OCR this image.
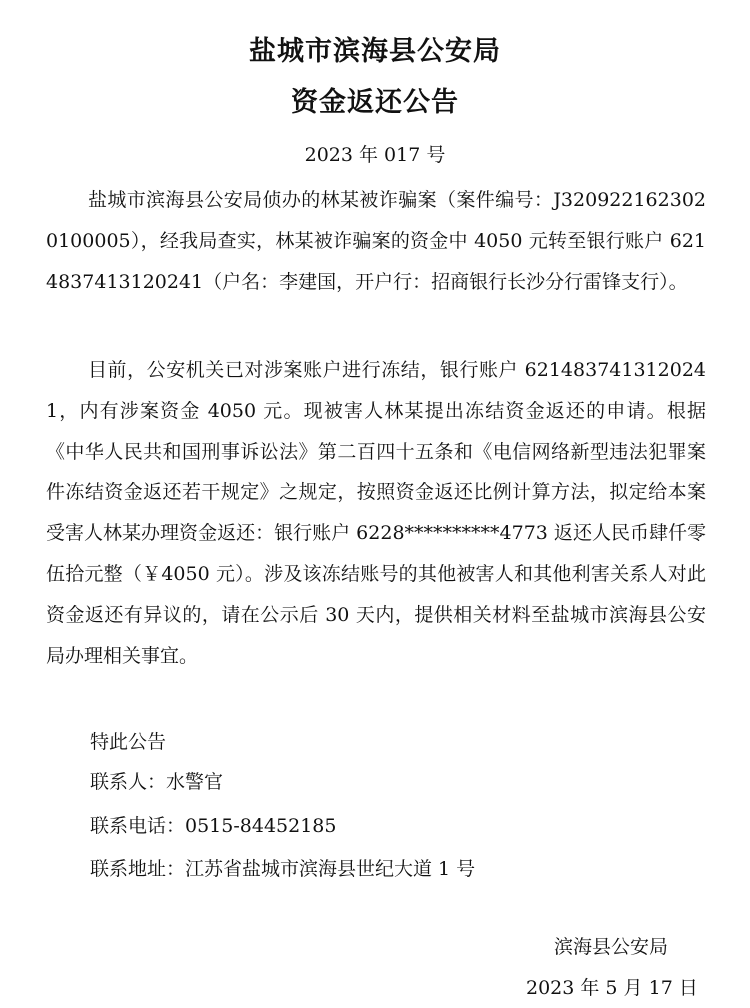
盐城市滨海县公安局
资金返还公告
2023 年 017 号

盐城市滨海县公安局侦办的林某被诈骗案（案件编号：J3209221623020100005），经我局查实，林某被诈骗案的资金中 4050 元转至银行账户 6214837413120241（户名：李建国，开户行：招商银行长沙分行雷锋支行）。

目前，公安机关已对涉案账户进行冻结，银行账户 6214837413120241，内有涉案资金 4050 元。现被害人林某提出冻结资金返还的申请。根据《中华人民共和国刑事诉讼法》第二百四十五条和《电信网络新型违法犯罪案件冻结资金返还若干规定》之规定，按照资金返还比例计算方法，拟定给本案受害人林某办理资金返还：银行账户 6228**********4773 返还人民币肆仟零伍拾元整（￥4050 元）。涉及该冻结账号的其他被害人和其他利害关系人对此资金返还有异议的，请在公示后 30 天内，提供相关材料至盐城市滨海县公安局办理相关事宜。

特此公告
联系人：水警官
联系电话：0515-84452185
联系地址：江苏省盐城市滨海县世纪大道 1 号
滨海县公安局
2023 年 5 月 17 日
